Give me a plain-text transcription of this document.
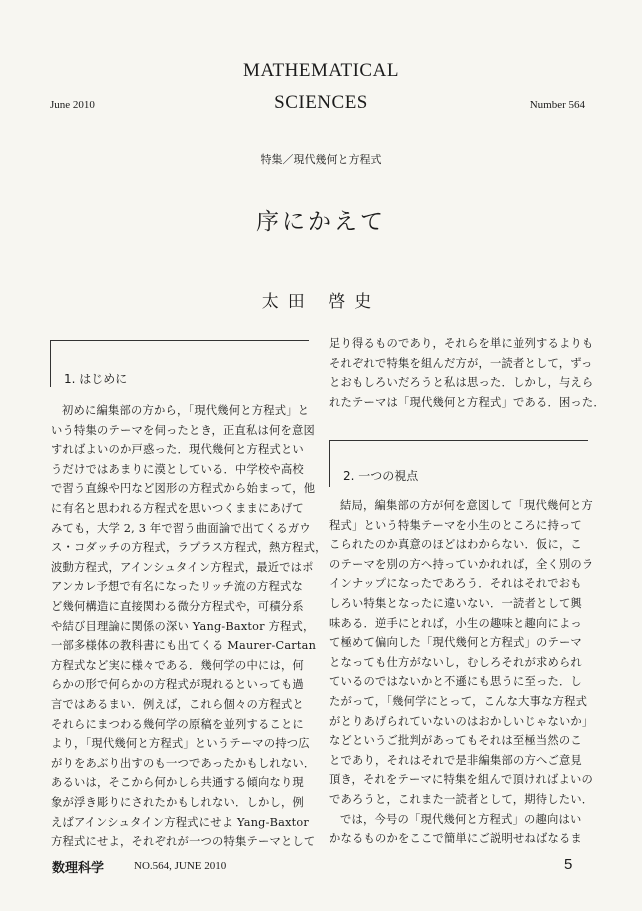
MATHEMATICAL
SCIENCES
June 2010	Number 564
特集／現代幾何と方程式
序にかえて
太田 啓史
1. はじめに
初めに編集部の方から，「現代幾何と方程式」と
いう特集のテーマを伺ったとき，正直私は何を意図
すればよいのか戸惑った．現代幾何と方程式とい
うだけではあまりに漠としている．中学校や高校
で習う直線や円など図形の方程式から始まって，他
に有名と思われる方程式を思いつくままにあげて
みても，大学 2, 3 年で習う曲面論で出てくるガウ
ス・コダッチの方程式，ラプラス方程式，熱方程式，
波動方程式，アインシュタイン方程式，最近ではポ
アンカレ予想で有名になったリッチ流の方程式な
ど幾何構造に直接関わる微分方程式や，可積分系
や結び目理論に関係の深い Yang-Baxtor 方程式，
一部多様体の教科書にも出てくる Maurer-Cartan
方程式など実に様々である．幾何学の中には，何
らかの形で何らかの方程式が現れるといっても過
言ではあるまい．例えば，これら個々の方程式と
それらにまつわる幾何学の原稿を並列することに
より，「現代幾何と方程式」というテーマの持つ広
がりをあぶり出すのも一つであったかもしれない．
あるいは，そこから何かしら共通する傾向なり現
象が浮き彫りにされたかもしれない．しかし，例
えばアインシュタイン方程式にせよ Yang-Baxtor
方程式にせよ，それぞれが一つの特集テーマとして
足り得るものであり，それらを単に並列するよりも
それぞれで特集を組んだ方が，一読者として，ずっ
とおもしろいだろうと私は思った．しかし，与えら
れたテーマは「現代幾何と方程式」である．困った．
2. 一つの視点
結局，編集部の方が何を意図して「現代幾何と方
程式」という特集テーマを小生のところに持って
こられたのか真意のほどはわからない．仮に，こ
のテーマを別の方へ持っていかれれば，全く別のラ
インナップになったであろう．それはそれでおも
しろい特集となったに違いない．一読者として興
味ある．逆手にとれば，小生の趣味と趣向によっ
て極めて偏向した「現代幾何と方程式」のテーマ
となっても仕方がないし，むしろそれが求められ
ているのではないかと不遜にも思うに至った．し
たがって，「幾何学にとって，こんな大事な方程式
がとりあげられていないのはおかしいじゃないか」
などというご批判があってもそれは至極当然のこ
とであり，それはそれで是非編集部の方へご意見
頂き，それをテーマに特集を組んで頂ければよいの
であろうと，これまた一読者として，期待したい．
では，今号の「現代幾何と方程式」の趣向はい
かなるものかをここで簡単にご説明せねばなるま
数理科学	NO.564, JUNE 2010	5
